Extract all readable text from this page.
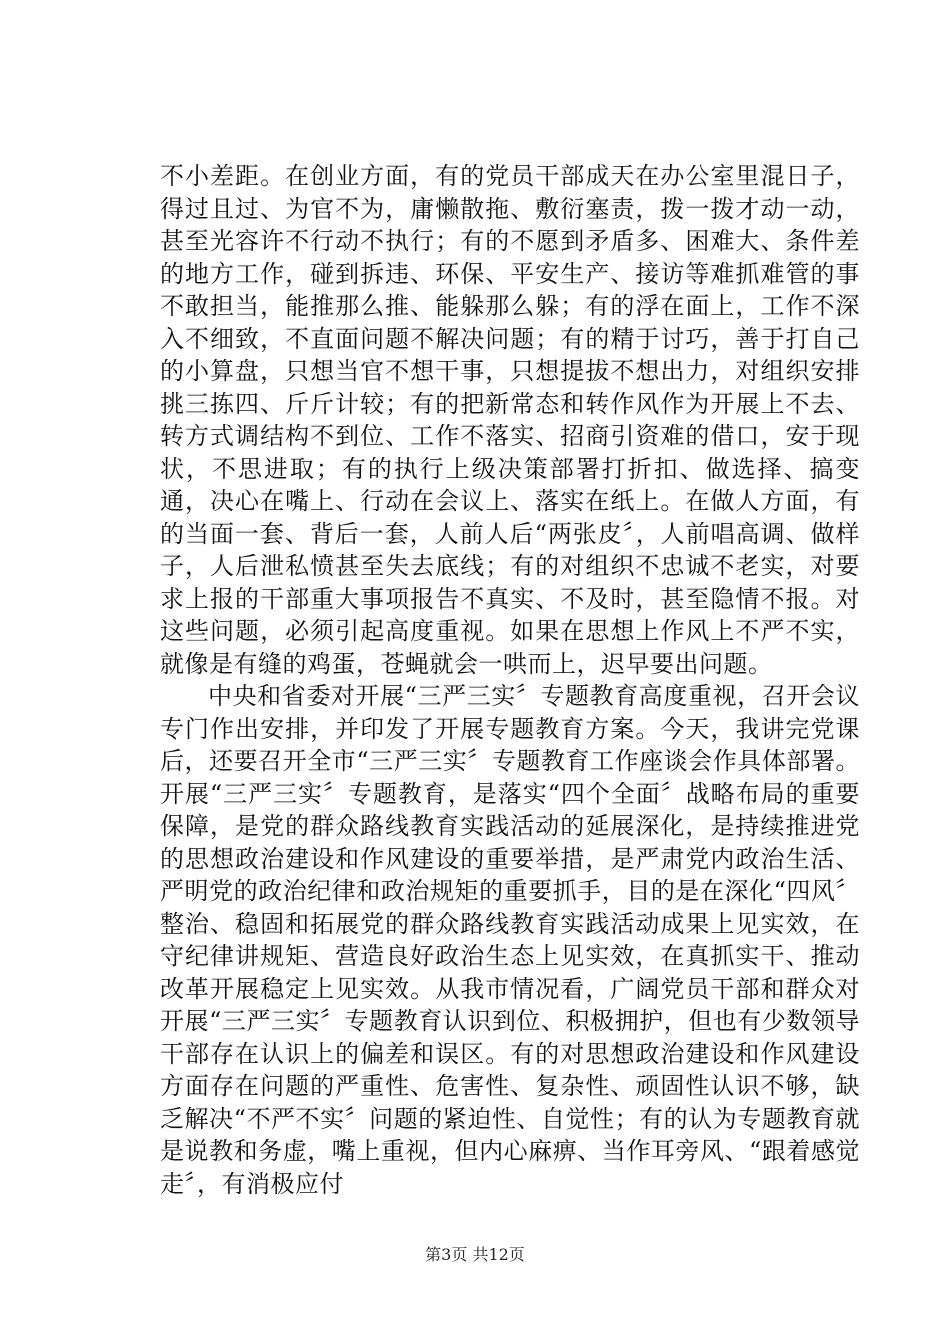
不小差距。在创业方面，有的党员干部成天在办公室里混日子，得过且过、为官不为，庸懒散拖、敷衍塞责，拨一拨才动一动，甚至光容许不行动不执行；有的不愿到矛盾多、困难大、条件差的地方工作，碰到拆违、环保、平安生产、接访等难抓难管的事不敢担当，能推那么推、能躲那么躲；有的浮在面上，工作不深入不细致，不直面问题不解决问题；有的精于讨巧，善于打自己的小算盘，只想当官不想干事，只想提拔不想出力，对组织安排挑三拣四、斤斤计较；有的把新常态和转作风作为开展上不去、转方式调结构不到位、工作不落实、招商引资难的借口，安于现状，不思进取；有的执行上级决策部署打折扣、做选择、搞变通，决心在嘴上、行动在会议上、落实在纸上。在做人方面，有的当面一套、背后一套，人前人后“两张皮〞，人前唱高调、做样子，人后泄私愤甚至失去底线；有的对组织不忠诚不老实，对要求上报的干部重大事项报告不真实、不及时，甚至隐情不报。对这些问题，必须引起高度重视。如果在思想上作风上不严不实，就像是有缝的鸡蛋，苍蝇就会一哄而上，迟早要出问题。

中央和省委对开展“三严三实〞专题教育高度重视，召开会议专门作出安排，并印发了开展专题教育方案。今天，我讲完党课后，还要召开全市“三严三实〞专题教育工作座谈会作具体部署。开展“三严三实〞专题教育，是落实“四个全面〞战略布局的重要保障，是党的群众路线教育实践活动的延展深化，是持续推进党的思想政治建设和作风建设的重要举措，是严肃党内政治生活、严明党的政治纪律和政治规矩的重要抓手，目的是在深化“四风〞整治、稳固和拓展党的群众路线教育实践活动成果上见实效，在守纪律讲规矩、营造良好政治生态上见实效，在真抓实干、推动改革开展稳定上见实效。从我市情况看，广阔党员干部和群众对开展“三严三实〞专题教育认识到位、积极拥护，但也有少数领导干部存在认识上的偏差和误区。有的对思想政治建设和作风建设方面存在问题的严重性、危害性、复杂性、顽固性认识不够，缺乏解决“不严不实〞问题的紧迫性、自觉性；有的认为专题教育就是说教和务虚，嘴上重视，但内心麻痹、当作耳旁风、“跟着感觉走〞，有消极应付

第3页 共12页
